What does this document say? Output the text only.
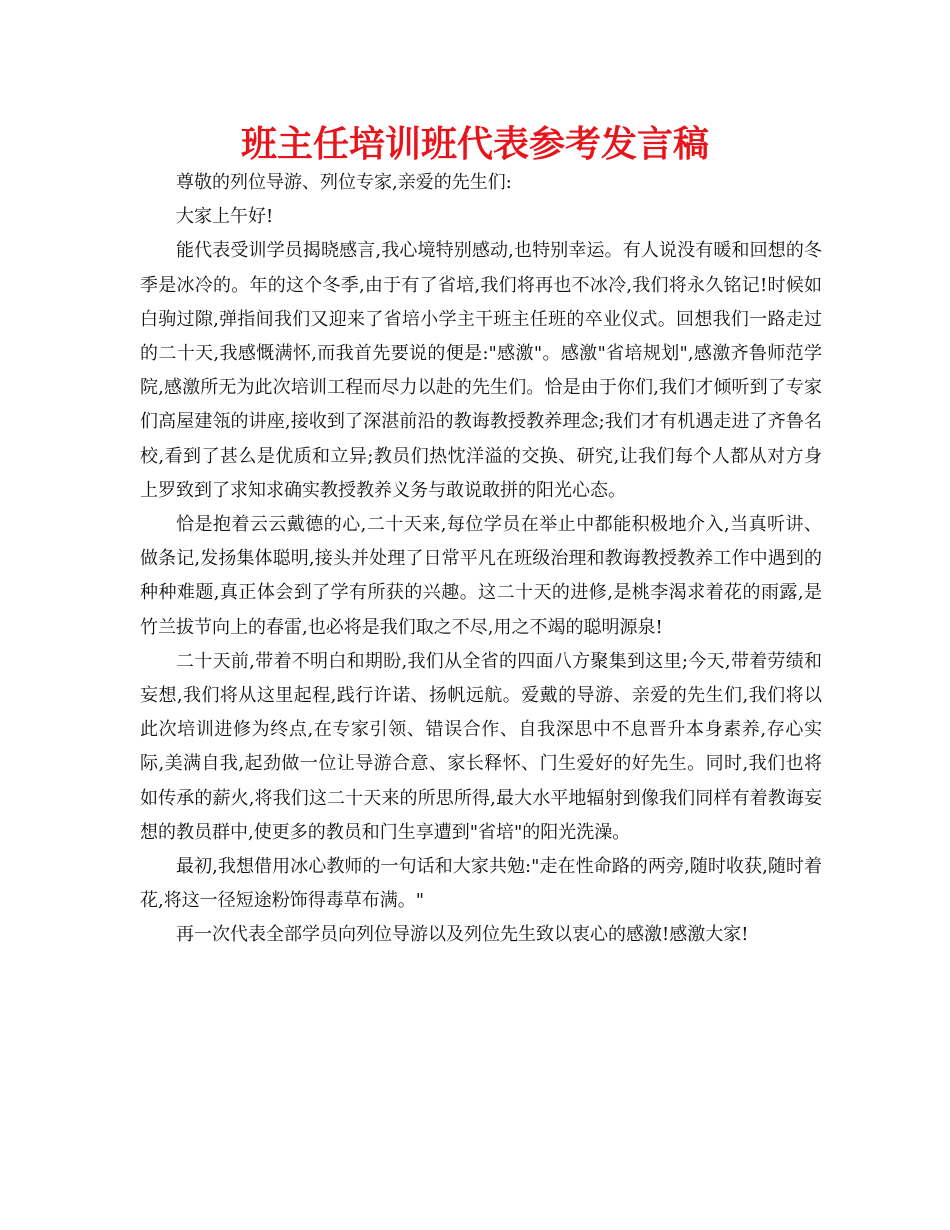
班主任培训班代表参考发言稿

尊敬的列位导游、列位专家,亲爱的先生们:

大家上午好!

能代表受训学员揭晓感言,我心境特别感动,也特别幸运。有人说没有暖和回想的冬季是冰冷的。年的这个冬季,由于有了省培,我们将再也不冰冷,我们将永久铭记!时候如白驹过隙,弹指间我们又迎来了省培小学主干班主任班的卒业仪式。回想我们一路走过的二十天,我感慨满怀,而我首先要说的便是:"感激"。感激"省培规划",感激齐鲁师范学院,感激所无为此次培训工程而尽力以赴的先生们。恰是由于你们,我们才倾听到了专家们高屋建瓴的讲座,接收到了深湛前沿的教诲教授教养理念;我们才有机遇走进了齐鲁名校,看到了甚么是优质和立异;教员们热忱洋溢的交换、研究,让我们每个人都从对方身上罗致到了求知求确实教授教养义务与敢说敢拼的阳光心态。

恰是抱着云云戴德的心,二十天来,每位学员在举止中都能积极地介入,当真听讲、做条记,发扬集体聪明,接头并处理了日常平凡在班级治理和教诲教授教养工作中遇到的种种难题,真正体会到了学有所获的兴趣。这二十天的进修,是桃李渴求着花的雨露,是竹兰拔节向上的春雷,也必将是我们取之不尽,用之不竭的聪明源泉!

二十天前,带着不明白和期盼,我们从全省的四面八方聚集到这里;今天,带着劳绩和妄想,我们将从这里起程,践行许诺、扬帆远航。爱戴的导游、亲爱的先生们,我们将以此次培训进修为终点,在专家引领、错误合作、自我深思中不息晋升本身素养,存心实际,美满自我,起劲做一位让导游合意、家长释怀、门生爱好的好先生。同时,我们也将如传承的薪火,将我们这二十天来的所思所得,最大水平地辐射到像我们同样有着教诲妄想的教员群中,使更多的教员和门生享遭到"省培"的阳光洗澡。

最初,我想借用冰心教师的一句话和大家共勉:"走在性命路的两旁,随时收获,随时着花,将这一径短途粉饰得毒草布满。"

再一次代表全部学员向列位导游以及列位先生致以衷心的感激!感激大家!
